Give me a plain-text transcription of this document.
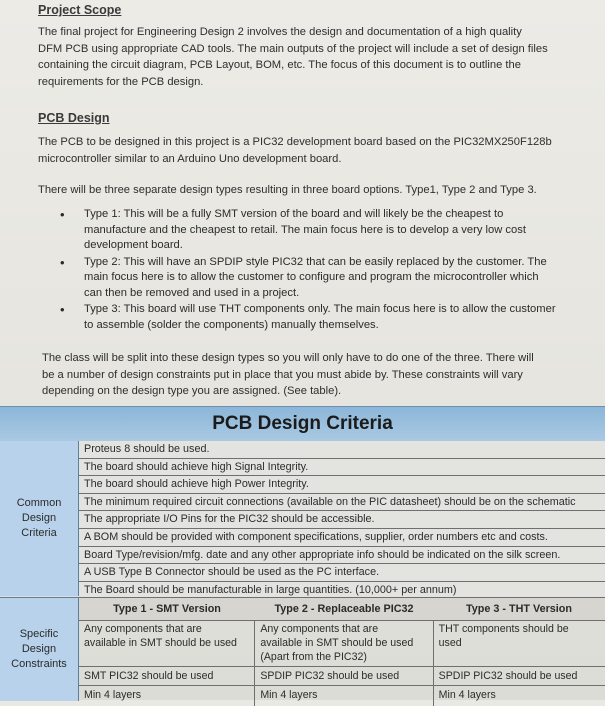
Project Scope
The final project for Engineering Design 2 involves the design and documentation of a high quality
DFM PCB using appropriate CAD tools. The main outputs of the project will include a set of design files
containing the circuit diagram, PCB Layout, BOM, etc. The focus of this document is to outline the
requirements for the PCB design.
PCB Design
The PCB to be designed in this project is a PIC32 development board based on the PIC32MX250F128b
microcontroller similar to an Arduino Uno development board.
There will be three separate design types resulting in three board options. Type1, Type 2 and Type 3.
• Type 1: This will be a fully SMT version of the board and will likely be the cheapest to
manufacture and the cheapest to retail. The main focus here is to develop a very low cost
development board.
• Type 2: This will have an SPDIP style PIC32 that can be easily replaced by the customer. The
main focus here is to allow the customer to configure and program the microcontroller which
can then be removed and used in a project.
• Type 3: This board will use THT components only. The main focus here is to allow the customer
to assemble (solder the components) manually themselves.
The class will be split into these design types so you will only have to do one of the three. There will
be a number of design constraints put in place that you must abide by. These constraints will vary
depending on the design type you are assigned. (See table).
PCB Design Criteria
Common
Design
Criteria
Proteus 8 should be used.
The board should achieve high Signal Integrity.
The board should achieve high Power Integrity.
The minimum required circuit connections (available on the PIC datasheet) should be on the schematic
The appropriate I/O Pins for the PIC32 should be accessible.
A BOM should be provided with component specifications, supplier, order numbers etc and costs.
Board Type/revision/mfg. date and any other appropriate info should be indicated on the silk screen.
A USB Type B Connector should be used as the PC interface.
The Board should be manufacturable in large quantities. (10,000+ per annum)
Specific
Design
Constraints
Type 1 - SMT Version	Type 2 - Replaceable PIC32	Type 3 - THT Version
Any components that are
available in SMT should be used
SMT PIC32 should be used
Min 4 layers
Any components that are
available in SMT should be used
(Apart from the PIC32)
SPDIP PIC32 should be used
Min 4 layers
THT components should be
used
SPDIP PIC32 should be used
Min 4 layers
